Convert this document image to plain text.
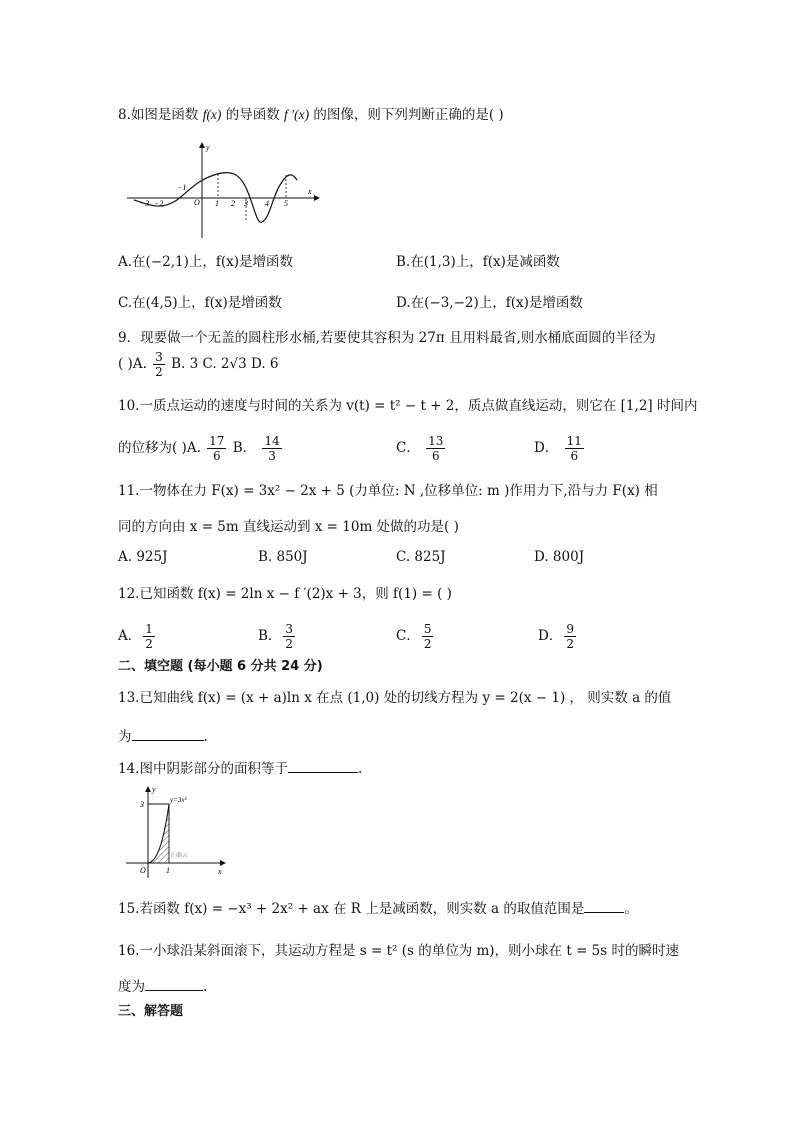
8.如图是函数 f(x) 的导函数 f ′(x) 的图像，则下列判断正确的是( )
y
x
O
−3 −2
−1
1 2 3 4 5
A.在(−2,1)上，f(x)是增函数	B.在(1,3)上，f(x)是减函数
C.在(4,5)上，f(x)是增函数	D.在(−3,−2)上，f(x)是增函数
9．现要做一个无盖的圆柱形水桶,若要使其容积为 27π 且用料最省,则水桶底面圆的半径为
( )A. $\frac{3}{2} B$. 3 C. 2√3 D. 6
10.一质点运动的速度与时间的关系为 v(t) = t² − t + 2，质点做直线运动，则它在 [1,2] 时间内
的位移为( )A. $\frac{17}{6}$ B． $\frac{14}{3}$	C． $\frac{13}{6}$	D． $\frac{11}{6}$
11.一物体在力 F(x) = 3x² − 2x + 5 (力单位: N ,位移单位: m )作用力下,沿与力 F(x) 相
同的方向由 x = 5m 直线运动到 x = 10m 处做的功是( )
A. 925J	B. 850J	C. 825J	D. 800J
12.已知函数 f(x) = 2ln x − f ′(2)x + 3，则 f(1) = ( )
A． $\frac{1}{2}$	B． $\frac{3}{2}$	C． $\frac{5}{2}$	D． $\frac{9}{2}$
二、填空题 (每小题 6 分共 24 分)
13.已知曲线 f(x) = (x + a)ln x 在点 (1,0) 处的切线方程为 y = 2(x − 1) ， 则实数 a 的值
为	.
14.图中阴影部分的面积等于	.
y
x
3
1
O
y=3x²
正确云
15.若函数 f(x) = −x³ + 2x² + ax 在 R 上是减函数，则实数 a 的取值范围是	。
16.一小球沿某斜面滚下，其运动方程是 s = t² (s 的单位为 m)，则小球在 t = 5s 时的瞬时速
度为	.
三、解答题
